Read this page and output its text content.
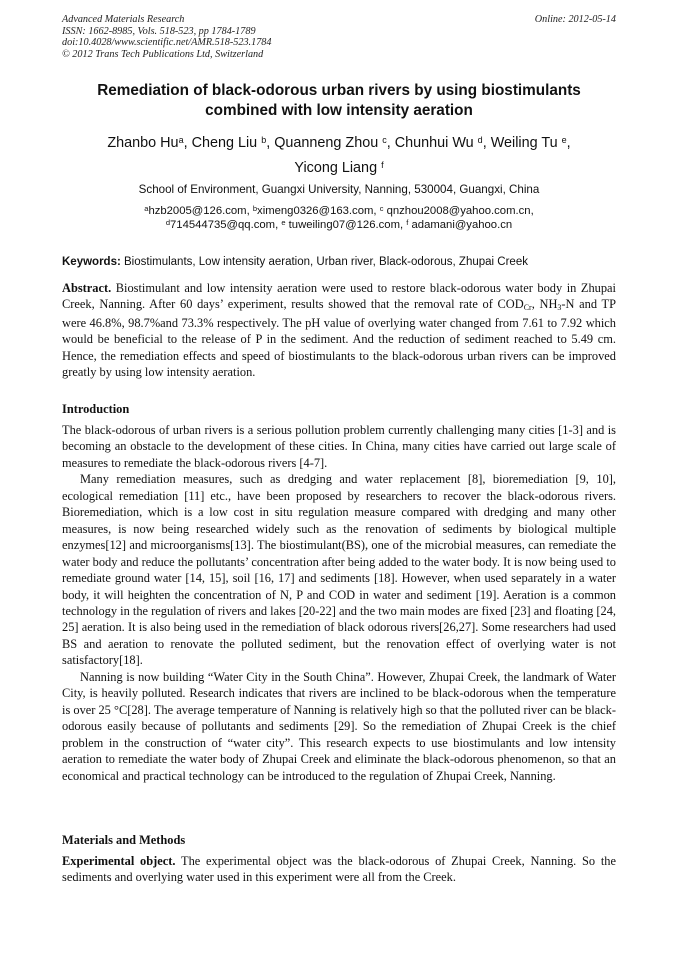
Advanced Materials Research
ISSN: 1662-8985, Vols. 518-523, pp 1784-1789
doi:10.4028/www.scientific.net/AMR.518-523.1784
© 2012 Trans Tech Publications Ltd, Switzerland
Online: 2012-05-14
Remediation of black-odorous urban rivers by using biostimulants
combined with low intensity aeration
Zhanbo Hu$^a$, Cheng Liu $^b$, Quanneng Zhou $^c$, Chunhui Wu $^d$, Weiling Tu $^e$,
Yicong Liang $^f$
School of Environment, Guangxi University, Nanning, 530004, Guangxi, China
$^a$hzb2005@126.com, $^b$ximeng0326@163.com, $^c$ qnzhou2008@yahoo.com.cn,
$^d$714544735@qq.com, $^e$ tuweiling07@126.com, $^f$ adamani@yahoo.cn
Keywords: Biostimulants, Low intensity aeration, Urban river, Black-odorous, Zhupai Creek

Abstract. Biostimulant and low intensity aeration were used to restore black-odorous water body in Zhupai Creek, Nanning. After 60 days’ experiment, results showed that the removal rate of $COD_{Cr}$, $NH_3-N$ and TP were 46.8%, 98.7%and 73.3% respectively. The pH value of overlying water changed from 7.61 to 7.92 which would be beneficial to the release of P in the sediment. And the reduction of sediment reached to 5.49 cm. Hence, the remediation effects and speed of biostimulants to the black-odorous urban rivers can be improved greatly by using low intensity aeration.

Introduction

The black-odorous of urban rivers is a serious pollution problem currently challenging many cities [1-3] and is becoming an obstacle to the development of these cities. In China, many cities have carried out large scale of measures to remediate the black-odorous rivers [4-7].

Many remediation measures, such as dredging and water replacement [8], bioremediation [9, 10], ecological remediation [11] etc., have been proposed by researchers to recover the black-odorous rivers. Bioremediation, which is a low cost in situ regulation measure compared with dredging and many other measures, is now being researched widely such as the renovation of sediments by biological multiple enzymes[12] and microorganisms[13]. The biostimulant(BS), one of the microbial measures, can remediate the water body and reduce the pollutants’ concentration after being added to the water body. It is now being used to remediate ground water [14, 15], soil [16, 17] and sediments [18]. However, when used separately in a water body, it will heighten the concentration of N, P and COD in water and sediment [19]. Aeration is a common technology in the regulation of rivers and lakes [20-22] and the two main modes are fixed [23] and floating [24, 25] aeration. It is also being used in the remediation of black odorous rivers[26,27]. Some researchers had used BS and aeration to renovate the polluted sediment, but the renovation effect of overlying water is not satisfactory[18].

Nanning is now building “Water City in the South China”. However, Zhupai Creek, the landmark of Water City, is heavily polluted. Research indicates that rivers are inclined to be black-odorous when the temperature is over 25 °C[28]. The average temperature of Nanning is relatively high so that the polluted river can be black-odorous easily because of pollutants and sediments [29]. So the remediation of Zhupai Creek is the chief problem in the construction of “water city”. This research expects to use biostimulants and low intensity aeration to remediate the water body of Zhupai Creek and eliminate the black-odorous phenomenon, so that an economical and practical technology can be introduced to the regulation of Zhupai Creek, Nanning.

Materials and Methods

Experimental object. The experimental object was the black-odorous of Zhupai Creek, Nanning. So the sediments and overlying water used in this experiment were all from the Creek.
